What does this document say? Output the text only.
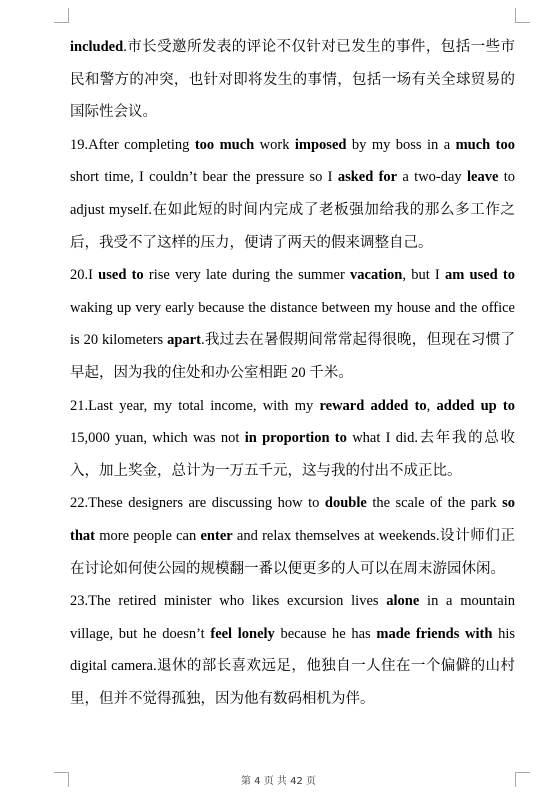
included.市长受邀所发表的评论不仅针对已发生的事件，包括一些市民和警方的冲突，也针对即将发生的事情，包括一场有关全球贸易的国际性会议。

19.After completing too much work imposed by my boss in a much too short time, I couldn’t bear the pressure so I asked for a two-day leave to adjust myself.在如此短的时间内完成了老板强加给我的那么多工作之后，我受不了这样的压力，便请了两天的假来调整自己。

20.I used to rise very late during the summer vacation, but I am used to waking up very early because the distance between my house and the office is 20 kilometers apart.我过去在暑假期间常常起得很晚，但现在习惯了早起，因为我的住处和办公室相距 20 千米。

21.Last year, my total income, with my reward added to, added up to 15,000 yuan, which was not in proportion to what I did.去年我的总收入，加上奖金，总计为一万五千元，这与我的付出不成正比。

22.These designers are discussing how to double the scale of the park so that more people can enter and relax themselves at weekends.设计师们正在讨论如何使公园的规模翻一番以便更多的人可以在周末游园休闲。

23.The retired minister who likes excursion lives alone in a mountain village, but he doesn’t feel lonely because he has made friends with his digital camera.退休的部长喜欢远足，他独自一人住在一个偏僻的山村里，但并不觉得孤独，因为他有数码相机为伴。

第 4 页 共 42 页
